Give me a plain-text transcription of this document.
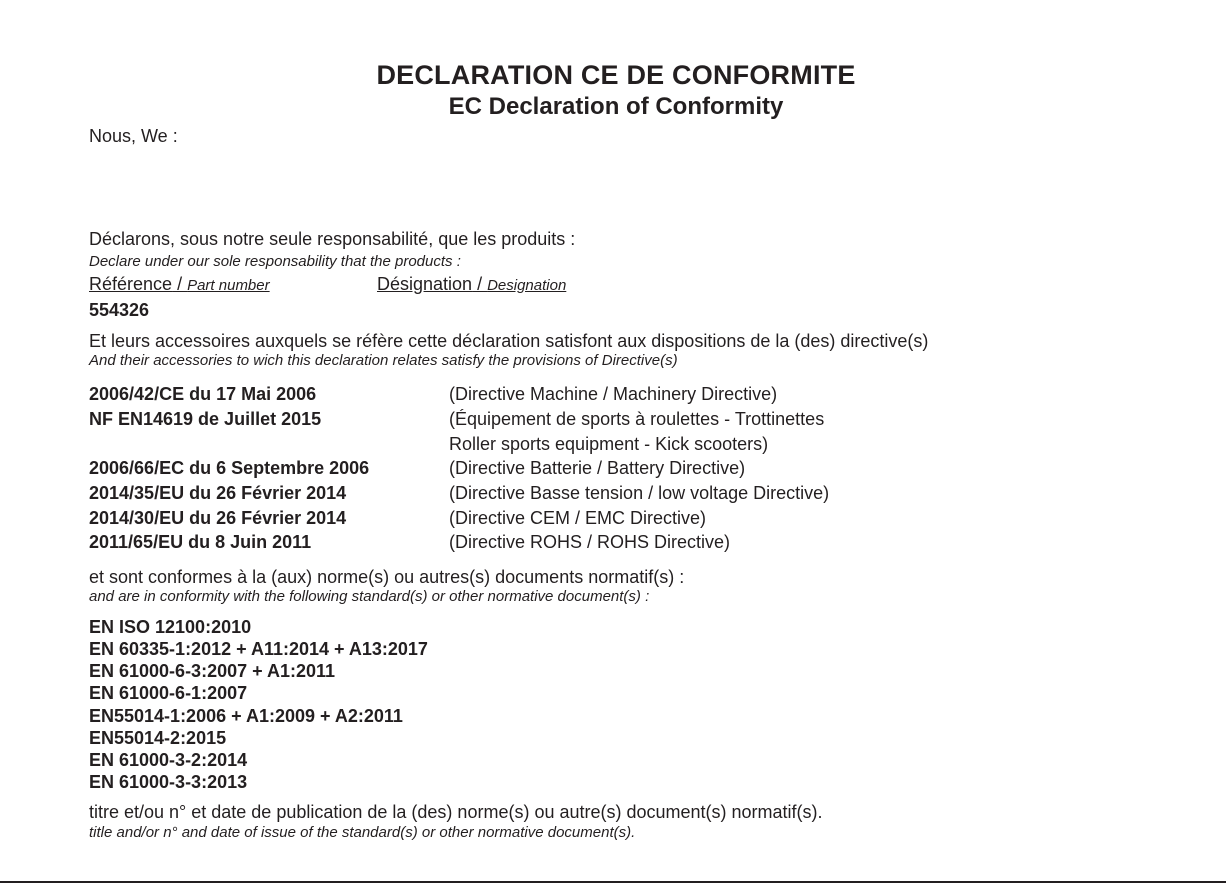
DECLARATION CE DE CONFORMITE
EC Declaration of Conformity
Nous, We :
Déclarons, sous notre seule responsabilité, que les produits :
Declare under our sole responsability that the products :
Référence / Part number	Désignation / Designation
554326
Et leurs accessoires auxquels se réfère cette déclaration satisfont aux dispositions de la (des) directive(s)
And their accessories to wich this declaration relates satisfy the provisions of Directive(s)
2006/42/CE du 17 Mai 2006	(Directive Machine / Machinery Directive)
NF EN14619 de Juillet 2015	(Équipement de sports à roulettes - Trottinettes
Roller sports equipment - Kick scooters)
2006/66/EC du 6 Septembre 2006	(Directive Batterie / Battery Directive)
2014/35/EU du 26 Février 2014	(Directive Basse tension / low voltage Directive)
2014/30/EU du 26 Février 2014	(Directive CEM / EMC Directive)
2011/65/EU du 8 Juin 2011	(Directive ROHS / ROHS Directive)
et sont conformes à la (aux) norme(s) ou autres(s) documents normatif(s) :
and are in conformity with the following standard(s) or other normative document(s) :
EN ISO 12100:2010
EN 60335-1:2012 + A11:2014 + A13:2017
EN 61000-6-3:2007 + A1:2011
EN 61000-6-1:2007
EN55014-1:2006 + A1:2009 + A2:2011
EN55014-2:2015
EN 61000-3-2:2014
EN 61000-3-3:2013
titre et/ou n° et date de publication de la (des) norme(s) ou autre(s) document(s) normatif(s).
title and/or n° and date of issue of the standard(s) or other normative document(s).
